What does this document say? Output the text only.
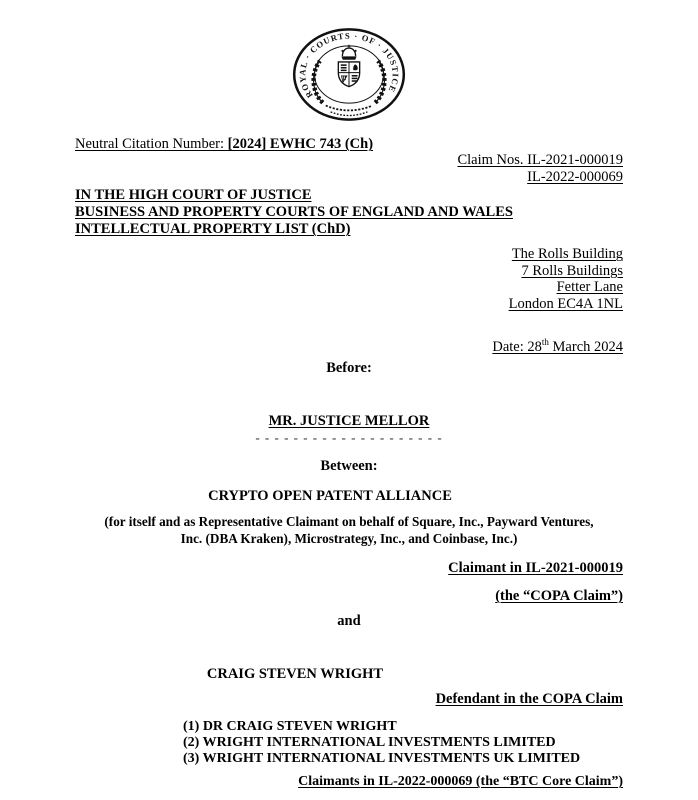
ROYAL · COURTS · OF · JUSTICE
Neutral Citation Number: [2024] EWHC 743 (Ch)
Claim Nos. IL-2021-000019
IL-2022-000069
IN THE HIGH COURT OF JUSTICE
BUSINESS AND PROPERTY COURTS OF ENGLAND AND WALES
INTELLECTUAL PROPERTY LIST (ChD)
The Rolls Building
7 Rolls Buildings
Fetter Lane
London EC4A 1NL
Date: 28th March 2024
Before:
MR. JUSTICE MELLOR
- - - - - - - - - - - - - - - - - - - -
Between:
CRYPTO OPEN PATENT ALLIANCE
(for itself and as Representative Claimant on behalf of Square, Inc., Payward Ventures,
Inc. (DBA Kraken), Microstrategy, Inc., and Coinbase, Inc.)
Claimant in IL-2021-000019
(the “COPA Claim”)
and
CRAIG STEVEN WRIGHT
Defendant in the COPA Claim
(1) DR CRAIG STEVEN WRIGHT
(2) WRIGHT INTERNATIONAL INVESTMENTS LIMITED
(3) WRIGHT INTERNATIONAL INVESTMENTS UK LIMITED
Claimants in IL-2022-000069 (the “BTC Core Claim”)
